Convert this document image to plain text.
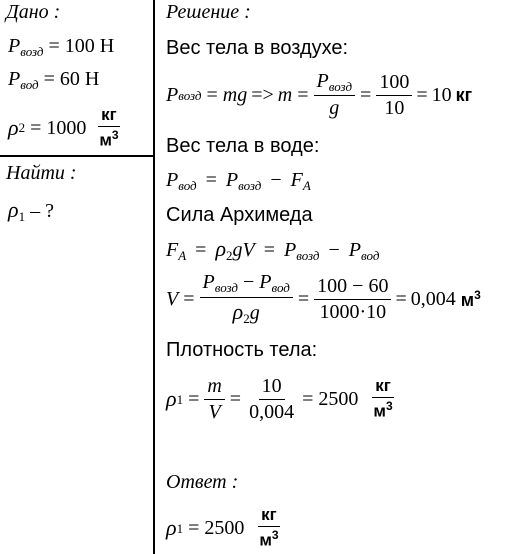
Дано :
$P_{возд} = 100$ Н
$P_{вод} = 60$ Н
ρ $2 = 1000 \frac{кг}{м^3}$
Найти :
$\rho_1$ – ?
Решение :
Вес тела в воздухе:
P возд = mg => $m = \frac{P_{возд}}{g} = \frac{100}{10} = 10$ кг
Вес тела в воде:
$P_{вод} = P_{возд} - F_A$
Сила Архимеда
$F_A = \rho_2gV = P_{возд} - P_{вод}$
$V = \frac{P_{возд} - P_{вод}}{\rho_2g} = \frac{100 - 60}{1000\cdot 10} = 0,004$ $м^3$
Плотность тела:
ρ $1 = \frac{m}{V} = \frac{10}{0,004} = 2500 \frac{кг}{м^3}$
Ответ :
ρ $1 = 2500 \frac{кг}{м^3}$
